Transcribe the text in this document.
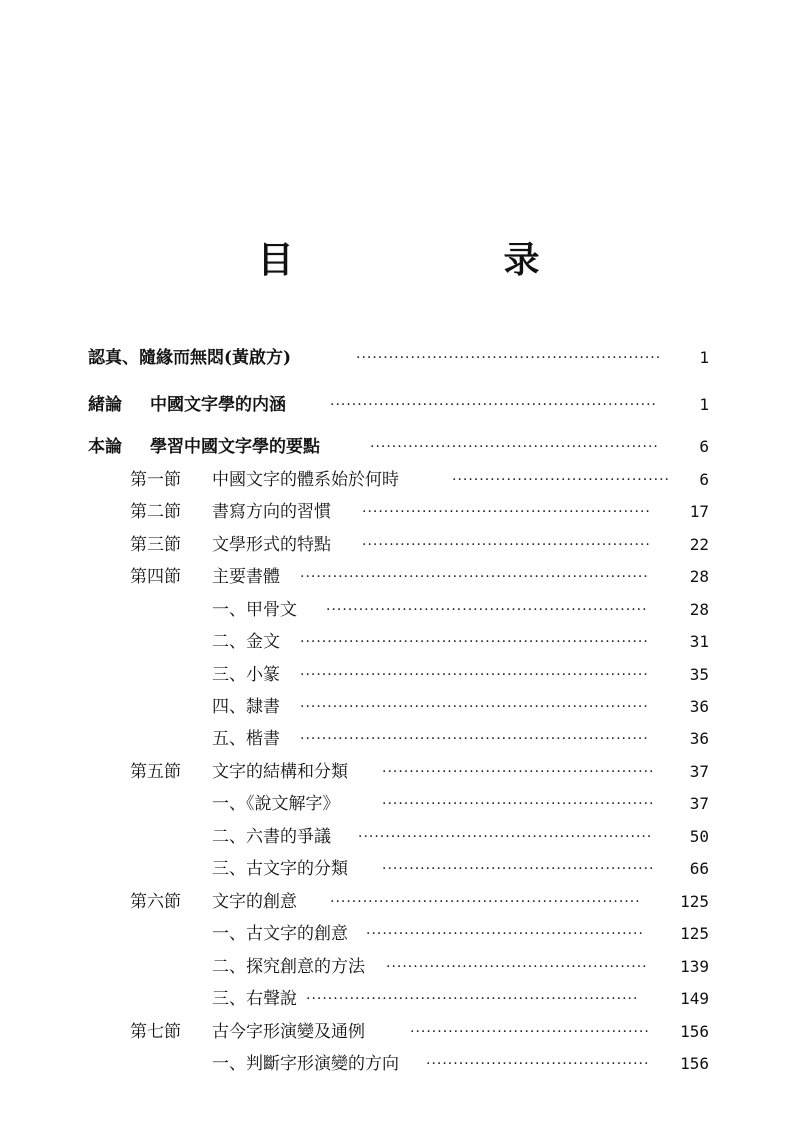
目　　录
認真、隨緣而無悶(黃啟方)	························································	1
緒論 中國文字學的内涵	····························································	1
本論 學習中國文字學的要點	·····················································	6
第一節 中國文字的體系始於何時	········································	6
第二節 書寫方向的習慣 ·····················································	17
第三節 文學形式的特點 ·····················································	22
第四節 主要書體 ································································	28
一、甲骨文 ···························································	28
二、金文 ································································	31
三、小篆 ································································	35
四、隸書 ································································	36
五、楷書 ································································	36
第五節 文字的結構和分類 ··················································	37
一、《說文解字》	··················································	37
二、六書的爭議 ······················································	50
三、古文字的分類 ··················································	66
第六節 文字的創意 ·························································	125
一、古文字的創意 ···················································	125
二、探究創意的方法 ················································	139
三、右聲說 ·····························································	149
第七節 古今字形演變及通例	············································	156
一、判斷字形演變的方向 ·········································	156
